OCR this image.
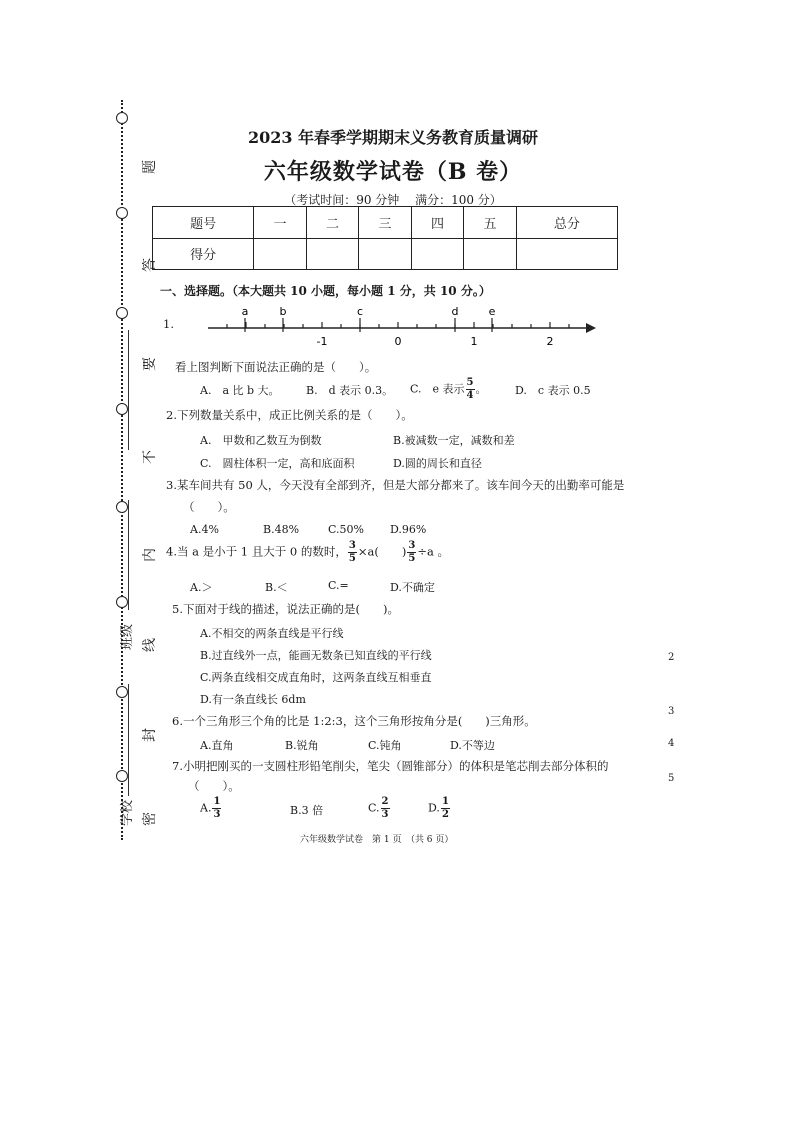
题
答
要
不
内
线
封
密
学校
班级
2023 年春季学期期末义务教育质量调研
六年级数学试卷（B 卷）
（考试时间：90 分钟　 满分：100 分）
题号	一	二	三	四	五	总分
得分						
一、选择题。（本大题共 10 小题，每小题 1 分，共 10 分。）
1.
a	b	c	d	e
-1	0	1	2
看上图判断下面说法正确的是（　　）。
A.　a 比 b 大。 B.　d 表示 0.3。 C.　e 表示 $\frac{5}{4}$ 。	D.　c 表示 0.5
2.下列数量关系中，成正比例关系的是（　　）。
A.　甲数和乙数互为倒数	B.被减数一定，减数和差
C.　圆柱体积一定，高和底面积	D.圆的周长和直径
3.某车间共有 50 人，今天没有全部到齐，但是大部分都来了。该车间今天的出勤率可能是
（　　）。
A.4%	B.48%	C.50% D.96%
4.当 a 是小于 1 且大于 0 的数时， $\frac{3}{5} \times a$(　　) $\frac{3}{5} \div a$ 。
A.＞	B.＜	C.=	D.不确定
5.下面对于线的描述，说法正确的是(　　)。
A.不相交的两条直线是平行线
B.过直线外一点，能画无数条已知直线的平行线
C.两条直线相交成直角时，这两条直线互相垂直
D.有一条直线长 6dm
6.一个三角形三个角的比是 1:2:3，这个三角形按角分是(　　)三角形。
A.直角	B.锐角	C.钝角	D.不等边
7.小明把刚买的一支圆柱形铅笔削尖，笔尖（圆锥部分）的体积是笔芯削去部分体积的
（　　）。
A. $\frac{1}{3}$	B.3 倍	C. $\frac{2}{3}$	D. $\frac{1}{2}$
2
3
4
5
六年级数学试卷　第 1 页　（共 6 页）
